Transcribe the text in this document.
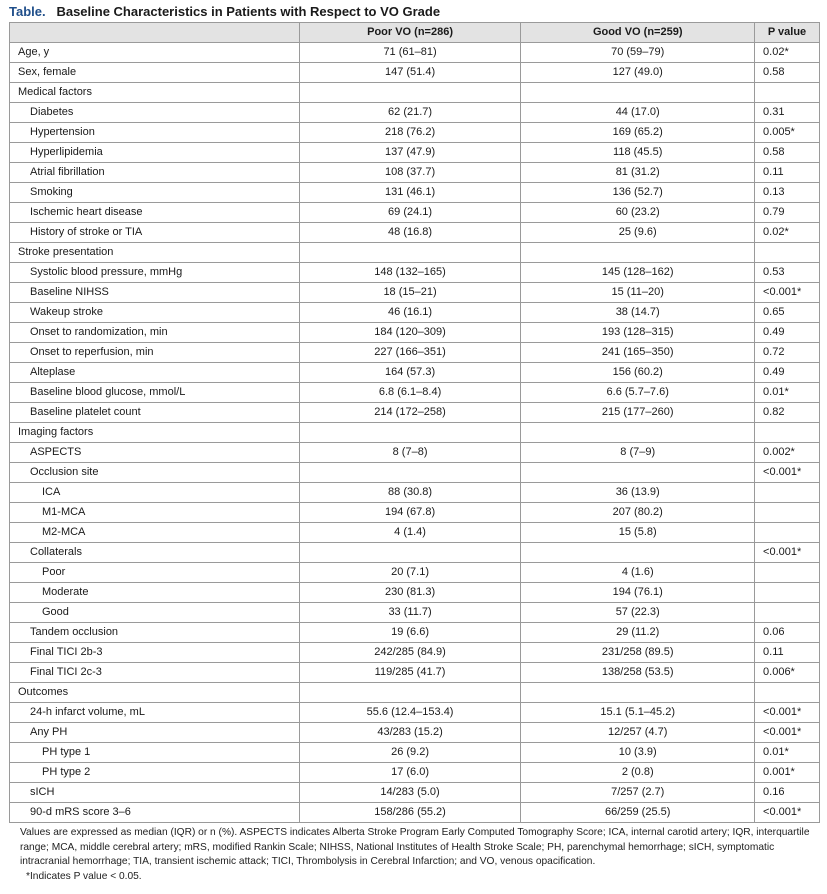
Table. Baseline Characteristics in Patients with Respect to VO Grade
	Poor VO (n=286)	Good VO (n=259)	P value
Age, y	71 (61–81)	70 (59–79)	0.02*
Sex, female	147 (51.4)	127 (49.0)	0.58
Medical factors			
Diabetes	62 (21.7)	44 (17.0)	0.31
Hypertension	218 (76.2)	169 (65.2)	0.005*
Hyperlipidemia	137 (47.9)	118 (45.5)	0.58
Atrial fibrillation	108 (37.7)	81 (31.2)	0.11
Smoking	131 (46.1)	136 (52.7)	0.13
Ischemic heart disease	69 (24.1)	60 (23.2)	0.79
History of stroke or TIA	48 (16.8)	25 (9.6)	0.02*
Stroke presentation			
Systolic blood pressure, mmHg	148 (132–165)	145 (128–162)	0.53
Baseline NIHSS	18 (15–21)	15 (11–20)	<0.001*
Wakeup stroke	46 (16.1)	38 (14.7)	0.65
Onset to randomization, min	184 (120–309)	193 (128–315)	0.49
Onset to reperfusion, min	227 (166–351)	241 (165–350)	0.72
Alteplase	164 (57.3)	156 (60.2)	0.49
Baseline blood glucose, mmol/L	6.8 (6.1–8.4)	6.6 (5.7–7.6)	0.01*
Baseline platelet count	214 (172–258)	215 (177–260)	0.82
Imaging factors			
ASPECTS	8 (7–8)	8 (7–9)	0.002*
Occlusion site			<0.001*
ICA	88 (30.8)	36 (13.9)	
M1-MCA	194 (67.8)	207 (80.2)	
M2-MCA	4 (1.4)	15 (5.8)	
Collaterals			<0.001*
Poor	20 (7.1)	4 (1.6)	
Moderate	230 (81.3)	194 (76.1)	
Good	33 (11.7)	57 (22.3)	
Tandem occlusion	19 (6.6)	29 (11.2)	0.06
Final TICI 2b-3	242/285 (84.9)	231/258 (89.5)	0.11
Final TICI 2c-3	119/285 (41.7)	138/258 (53.5)	0.006*
Outcomes			
24-h infarct volume, mL	55.6 (12.4–153.4)	15.1 (5.1–45.2)	<0.001*
Any PH	43/283 (15.2)	12/257 (4.7)	<0.001*
PH type 1	26 (9.2)	10 (3.9)	0.01*
PH type 2	17 (6.0)	2 (0.8)	0.001*
sICH	14/283 (5.0)	7/257 (2.7)	0.16
90-d mRS score 3–6	158/286 (55.2)	66/259 (25.5)	<0.001*

Values are expressed as median (IQR) or n (%). ASPECTS indicates Alberta Stroke Program Early Computed Tomography Score; ICA, internal carotid artery; IQR, interquartile range; MCA, middle cerebral artery; mRS, modified Rankin Scale; NIHSS, National Institutes of Health Stroke Scale; PH, parenchymal hemorrhage; sICH, symptomatic intracranial hemorrhage; TIA, transient ischemic attack; TICI, Thrombolysis in Cerebral Infarction; and VO, venous opacification.

*Indicates P value < 0.05.
